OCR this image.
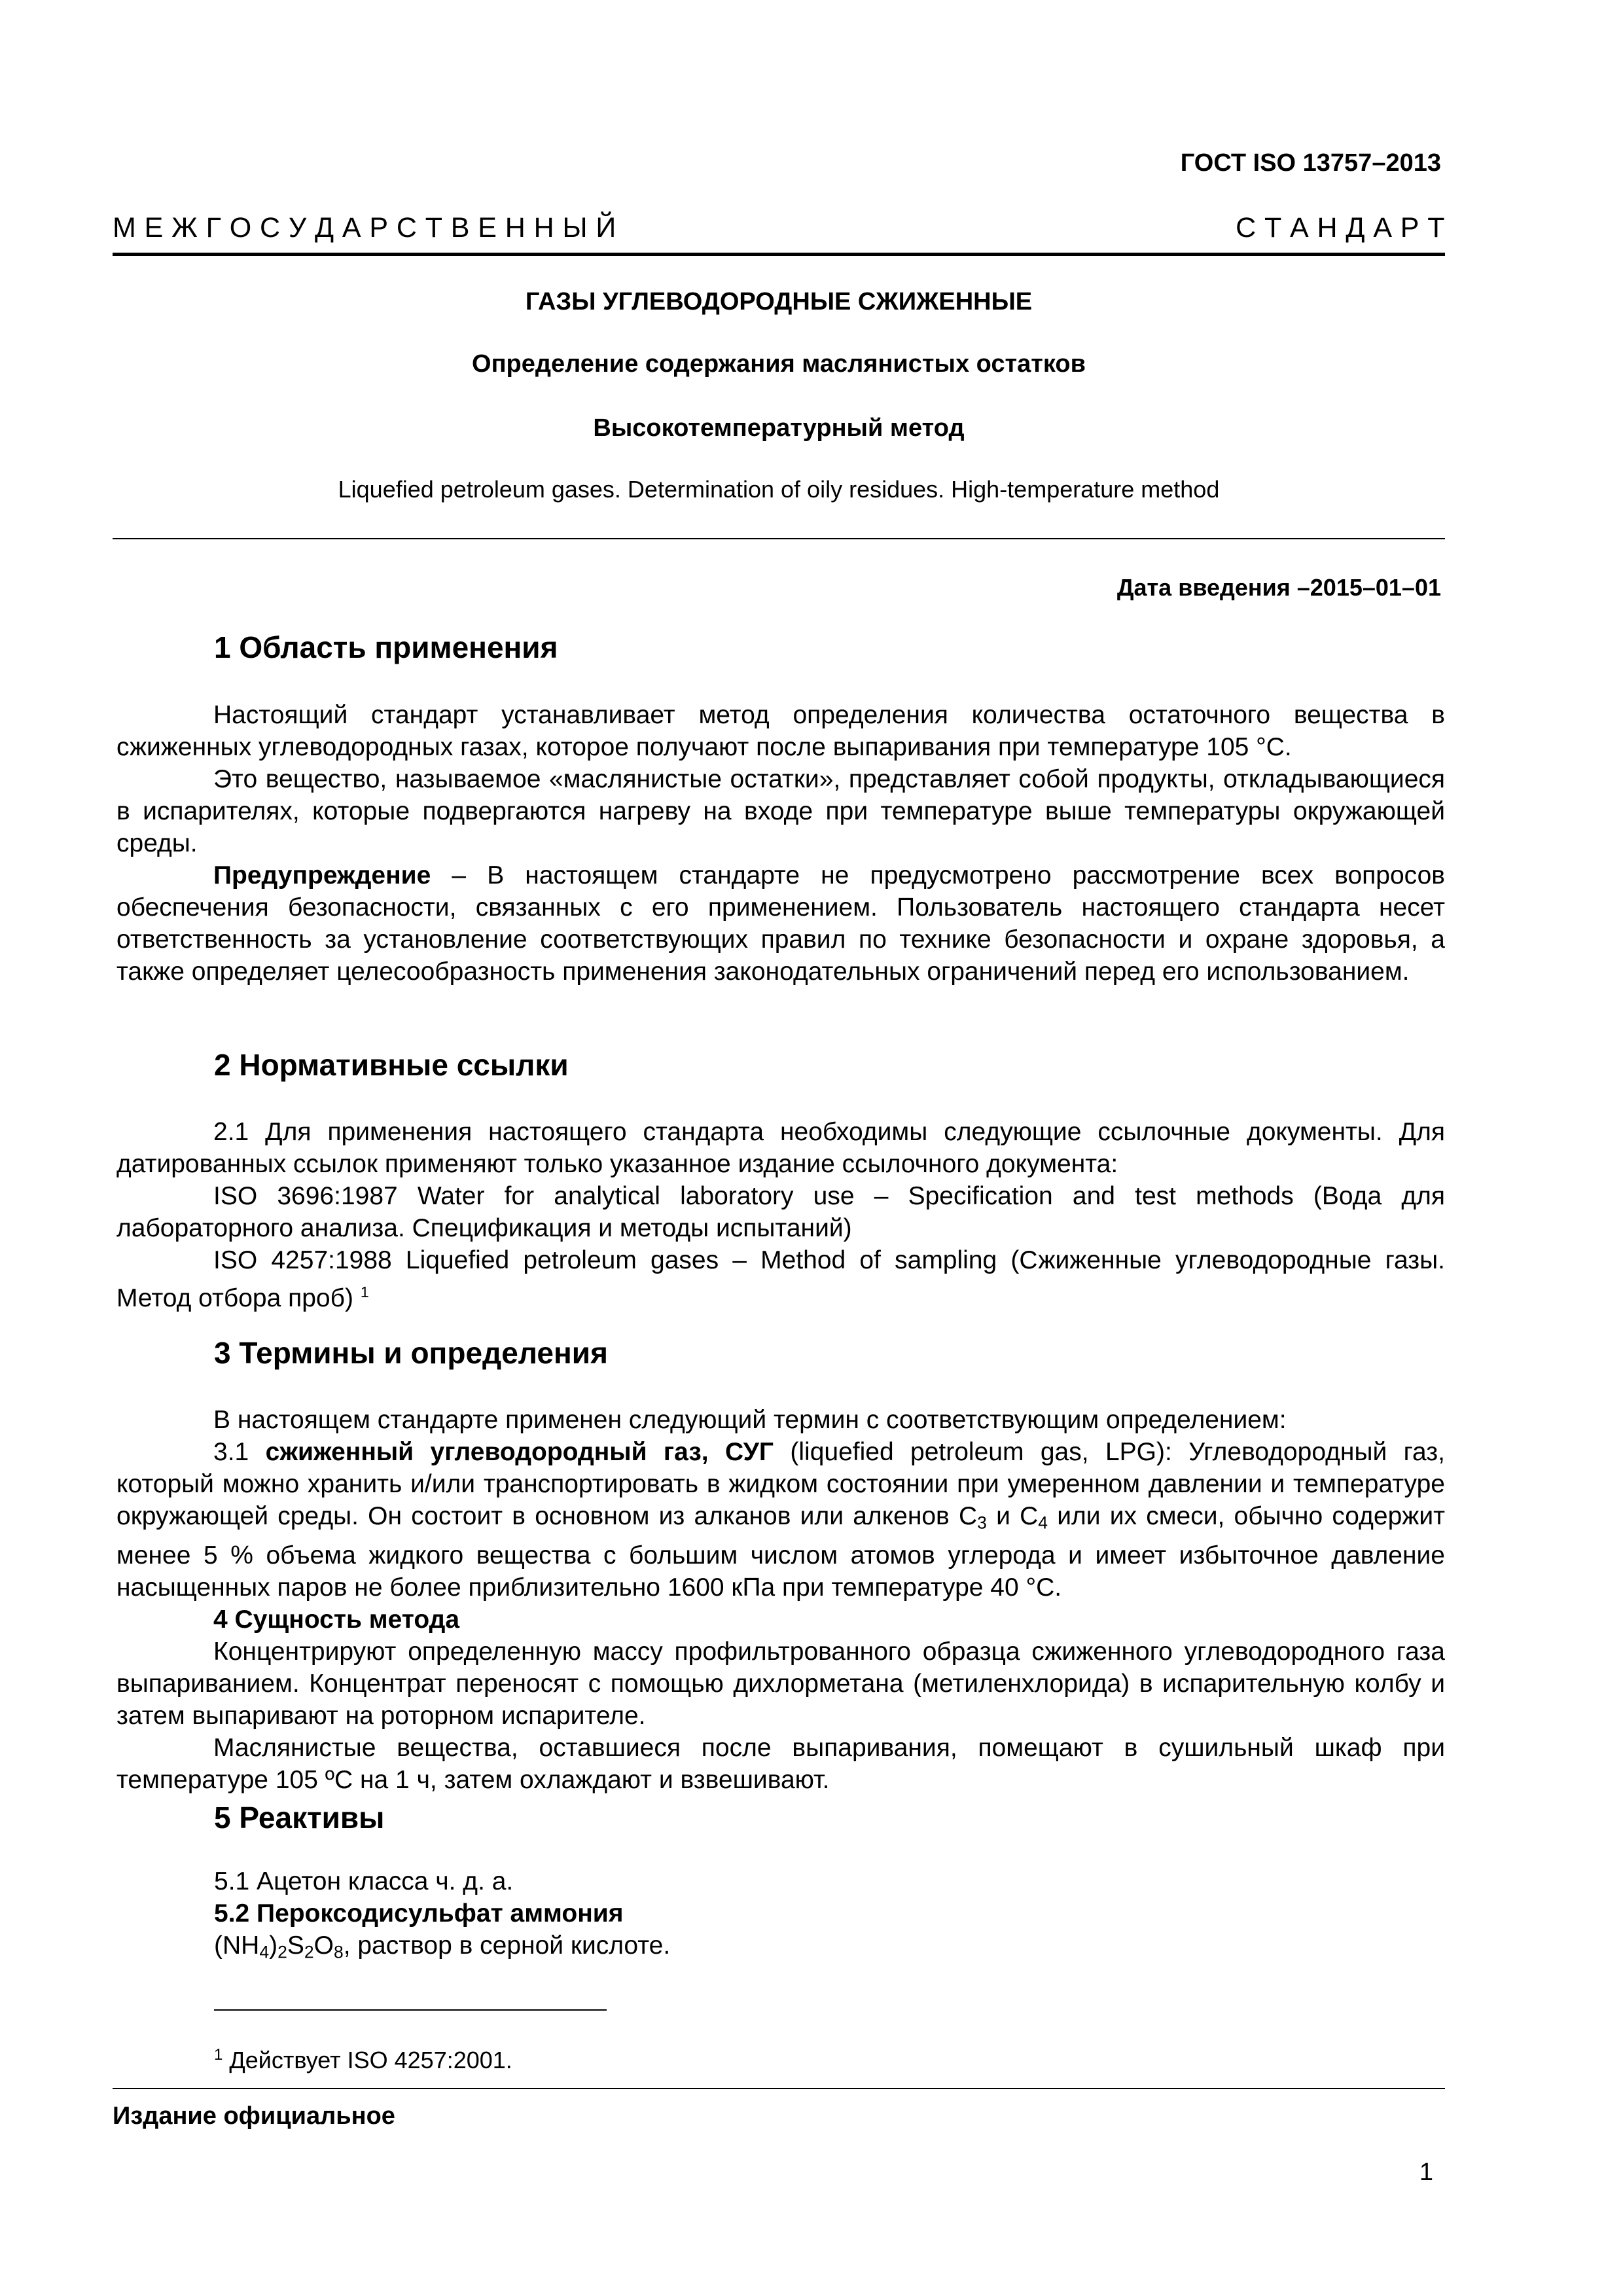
ГОСТ ISO 13757–2013
М Е Ж Г О С У Д А Р С Т В Е Н Н Ы Й	С Т А Н Д А Р Т
ГАЗЫ УГЛЕВОДОРОДНЫЕ СЖИЖЕННЫЕ
Определение содержания маслянистых остатков
Высокотемпературный метод
Liquefied petroleum gases. Determination of oily residues. High-temperature method
Дата введения –2015–01–01
1 Область применения

Настоящий стандарт устанавливает метод определения количества остаточного вещества в сжиженных углеводородных газах, которое получают после выпаривания при температуре 105 °С.

Это вещество, называемое «маслянистые остатки», представляет собой продукты, откладывающиеся в испарителях, которые подвергаются нагреву на входе при температуре выше температуры окружающей среды.

Предупреждение – В настоящем стандарте не предусмотрено рассмотрение всех вопросов обеспечения безопасности, связанных с его применением. Пользователь настоящего стандарта несет ответственность за установление соответствующих правил по технике безопасности и охране здоровья, а также определяет целесообразность применения законодательных ограничений перед его использованием.

2 Нормативные ссылки

2.1 Для применения настоящего стандарта необходимы следующие ссылочные документы. Для датированных ссылок применяют только указанное издание ссылочного документа:

ISO 3696:1987 Water for analytical laboratory use – Specification and test methods (Вода для лабораторного анализа. Спецификация и методы испытаний)

ISO 4257:1988 Liquefied petroleum gases – Method of sampling (Сжиженные углеводородные газы. Метод отбора проб) $^1$

3 Термины и определения

В настоящем стандарте применен следующий термин с соответствующим определением:

3.1 сжиженный углеводородный газ, СУГ (liquefied petroleum gas, LPG): Углеводородный газ, который можно хранить и/или транспортировать в жидком состоянии при умеренном давлении и температуре окружающей среды. Он состоит в основном из алканов или алкенов $С_3$ и $С_4$ или их смеси, обычно содержит менее 5 % объема жидкого вещества с большим числом атомов углерода и имеет избыточное давление насыщенных паров не более приблизительно 1600 кПа при температуре 40 °С.

4 Сущность метода

Концентрируют определенную массу профильтрованного образца сжиженного углеводородного газа выпариванием. Концентрат переносят с помощью дихлорметана (метиленхлорида) в испарительную колбу и затем выпаривают на роторном испарителе.

Маслянистые вещества, оставшиеся после выпаривания, помещают в сушильный шкаф при температуре 105 ºС на 1 ч, затем охлаждают и взвешивают.

5 Реактивы

5.1 Ацетон класса ч. д. а.

5.2 Пероксодисульфат аммония

$(NH_4)_2S_2O_8$, раствор в серной кислоте.

$^1$ Действует ISO 4257:2001.
Издание официальное
1
